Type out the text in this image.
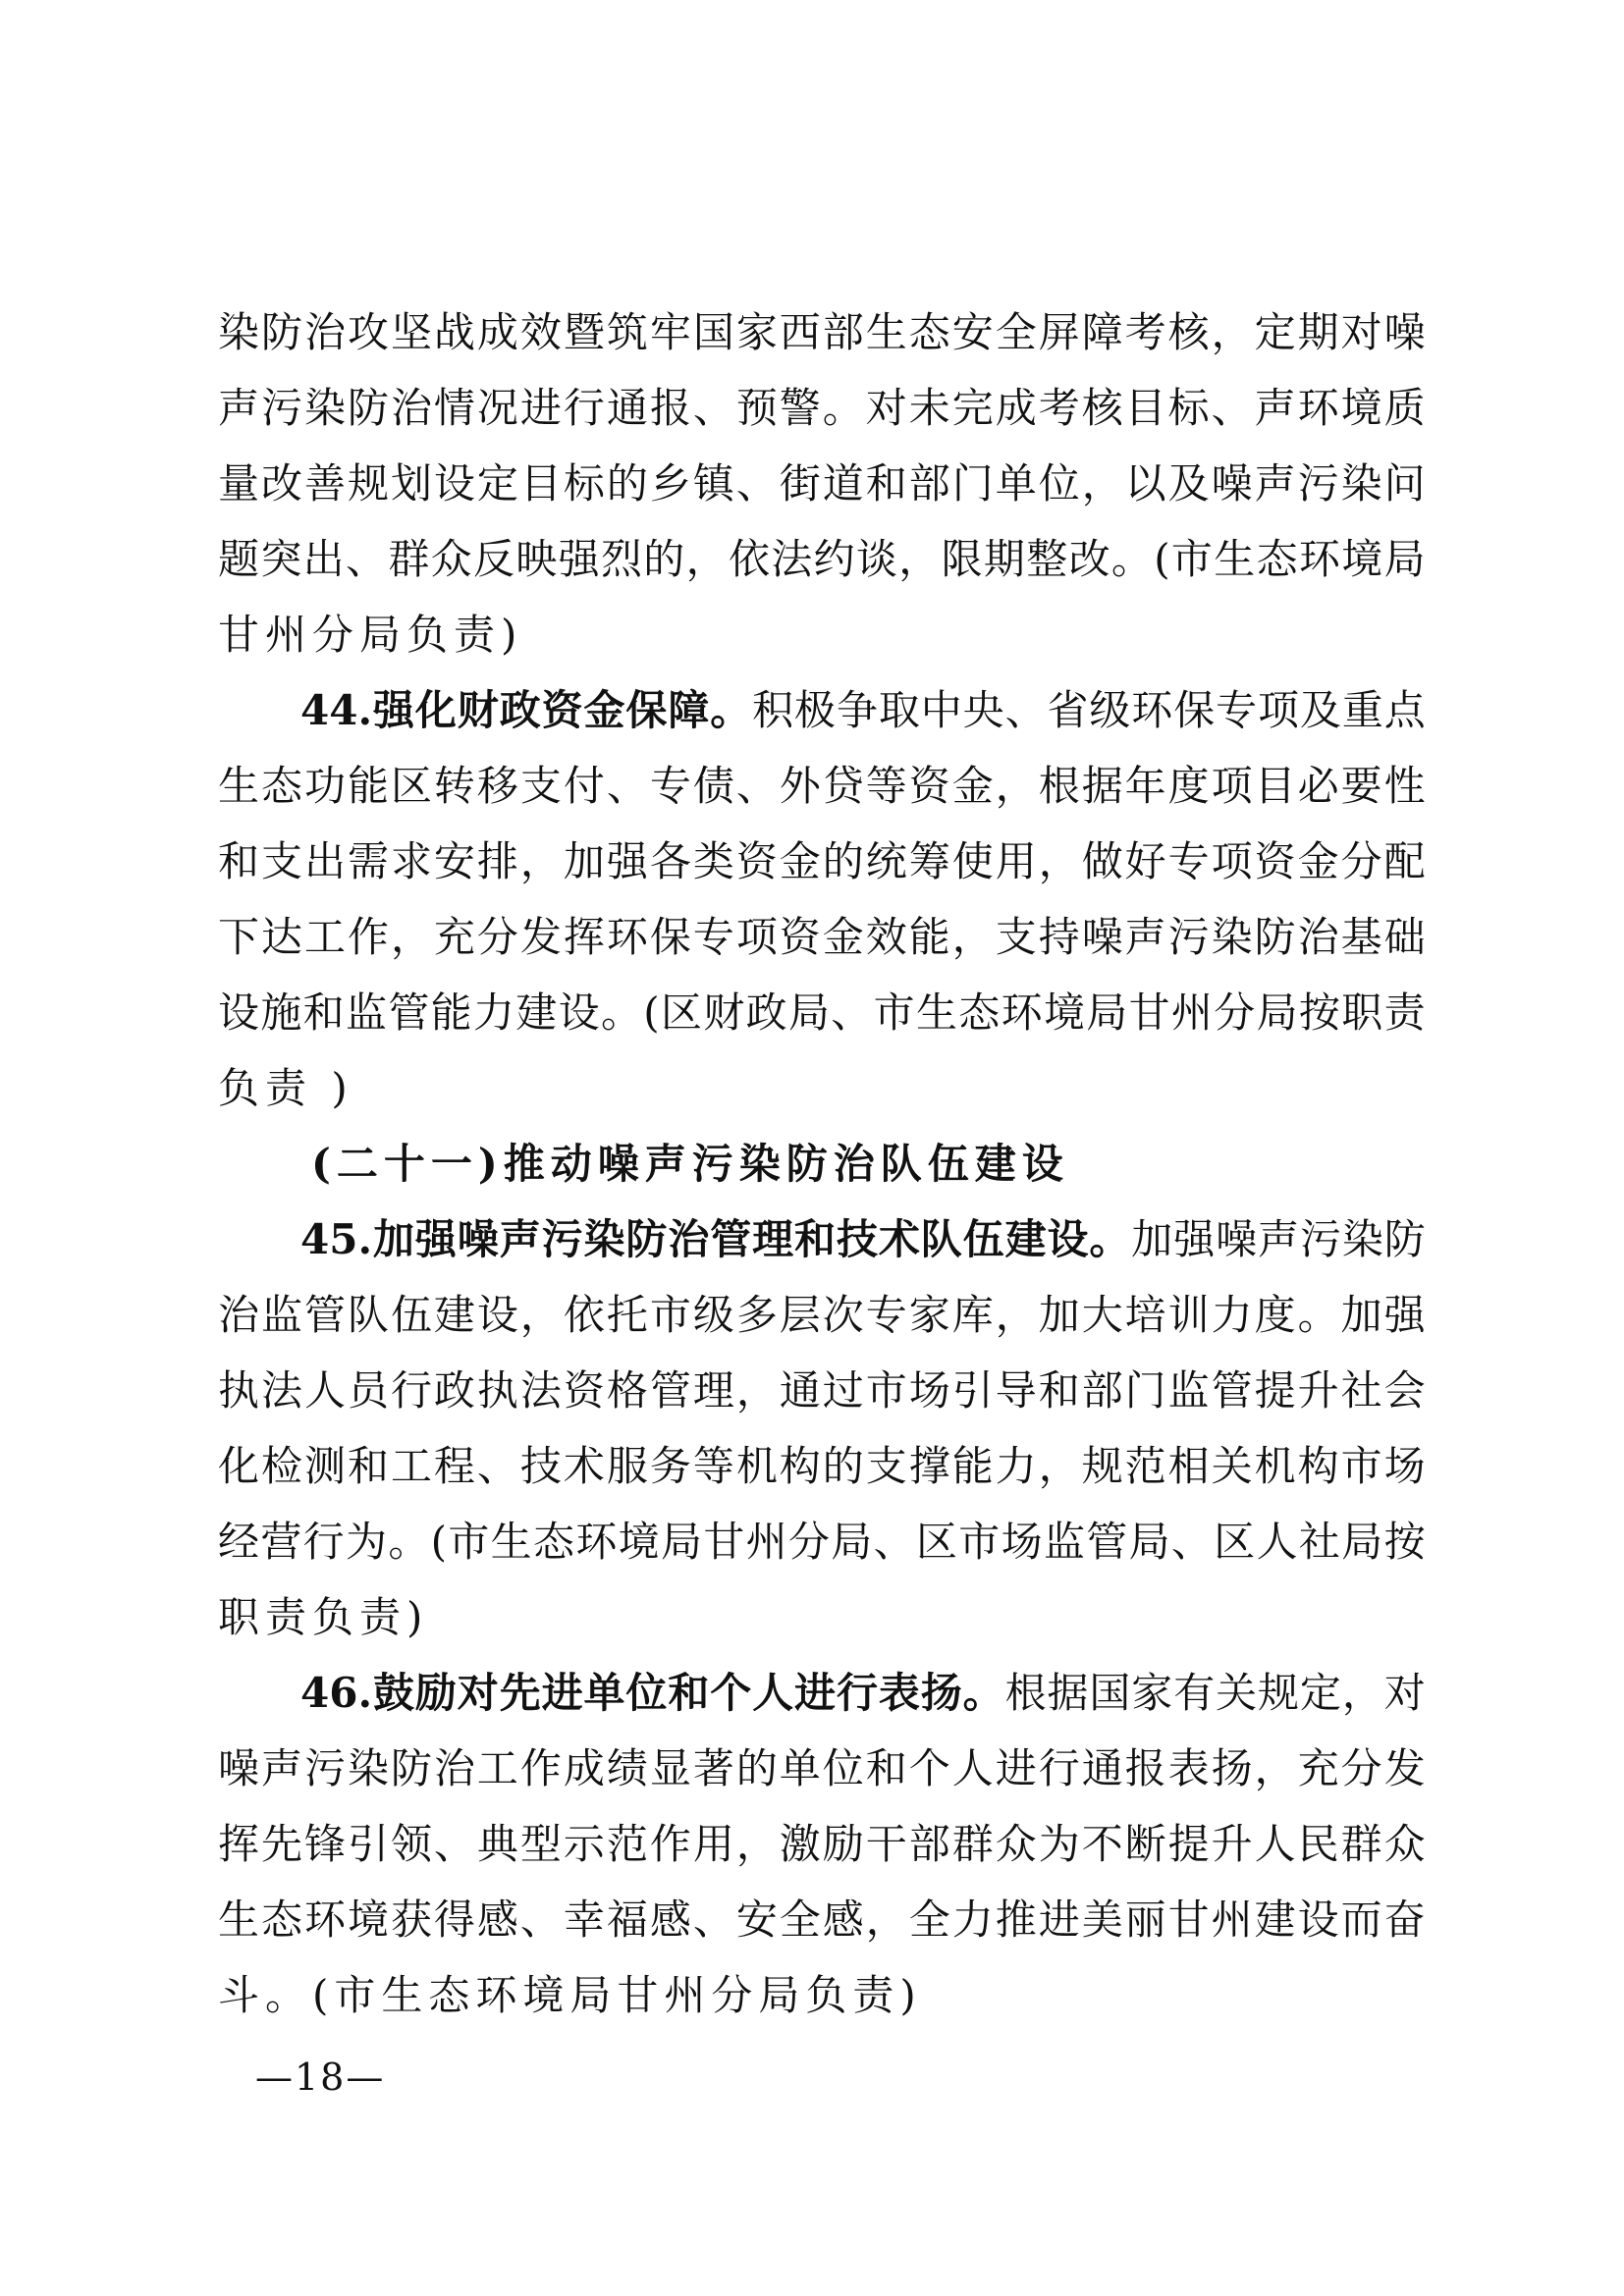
染 防 治 攻 坚 战 成 效 暨 筑 牢 国 家 西 部 生 态 安 全 屏 障 考 核 ， 定 期 对 噪
声 污 染 防 治 情 况 进 行 通 报 、 预 警 。 对 未 完 成 考 核 目 标 、 声 环 境 质
量 改 善 规 划 设 定 目 标 的 乡 镇 、 街 道 和 部 门 单 位 ， 以 及 噪 声 污 染 问
题 突 出 、 群 众 反 映 强 烈 的 ， 依 法 约 谈 ， 限 期 整 改 。 ( 市 生 态 环 境 局
甘州分局负责)
44. 强 化 财 政 资 金 保 障 。 积 极 争 取 中 央 、 省 级 环 保 专 项 及 重 点
生 态 功 能 区 转 移 支 付 、 专 债 、 外 贷 等 资 金 ， 根 据 年 度 项 目 必 要 性
和 支 出 需 求 安 排 ， 加 强 各 类 资 金 的 统 筹 使 用 ， 做 好 专 项 资 金 分 配
下 达 工 作 ， 充 分 发 挥 环 保 专 项 资 金 效 能 ， 支 持 噪 声 污 染 防 治 基 础
设 施 和 监 管 能 力 建 设 。 ( 区 财 政 局 、 市 生 态 环 境 局 甘 州 分 局 按 职 责
负责 )
(二十一)推动噪声污染防治队伍建设
45. 加 强 噪 声 污 染 防 治 管 理 和 技 术 队 伍 建 设 。 加 强 噪 声 污 染 防
治 监 管 队 伍 建 设 ， 依 托 市 级 多 层 次 专 家 库 ， 加 大 培 训 力 度 。 加 强
执 法 人 员 行 政 执 法 资 格 管 理 ， 通 过 市 场 引 导 和 部 门 监 管 提 升 社 会
化 检 测 和 工 程 、 技 术 服 务 等 机 构 的 支 撑 能 力 ， 规 范 相 关 机 构 市 场
经 营 行 为 。 ( 市 生 态 环 境 局 甘 州 分 局 、 区 市 场 监 管 局 、 区 人 社 局 按
职责负责)
46. 鼓 励 对 先 进 单 位 和 个 人 进 行 表 扬 。 根 据 国 家 有 关 规 定 ， 对
噪 声 污 染 防 治 工 作 成 绩 显 著 的 单 位 和 个 人 进 行 通 报 表 扬 ， 充 分 发
挥 先 锋 引 领 、 典 型 示 范 作 用 ， 激 励 干 部 群 众 为 不 断 提 升 人 民 群 众
生 态 环 境 获 得 感 、 幸 福 感 、 安 全 感 ， 全 力 推 进 美 丽 甘 州 建 设 而 奋
斗。(市生态环境局甘州分局负责)
—18—
